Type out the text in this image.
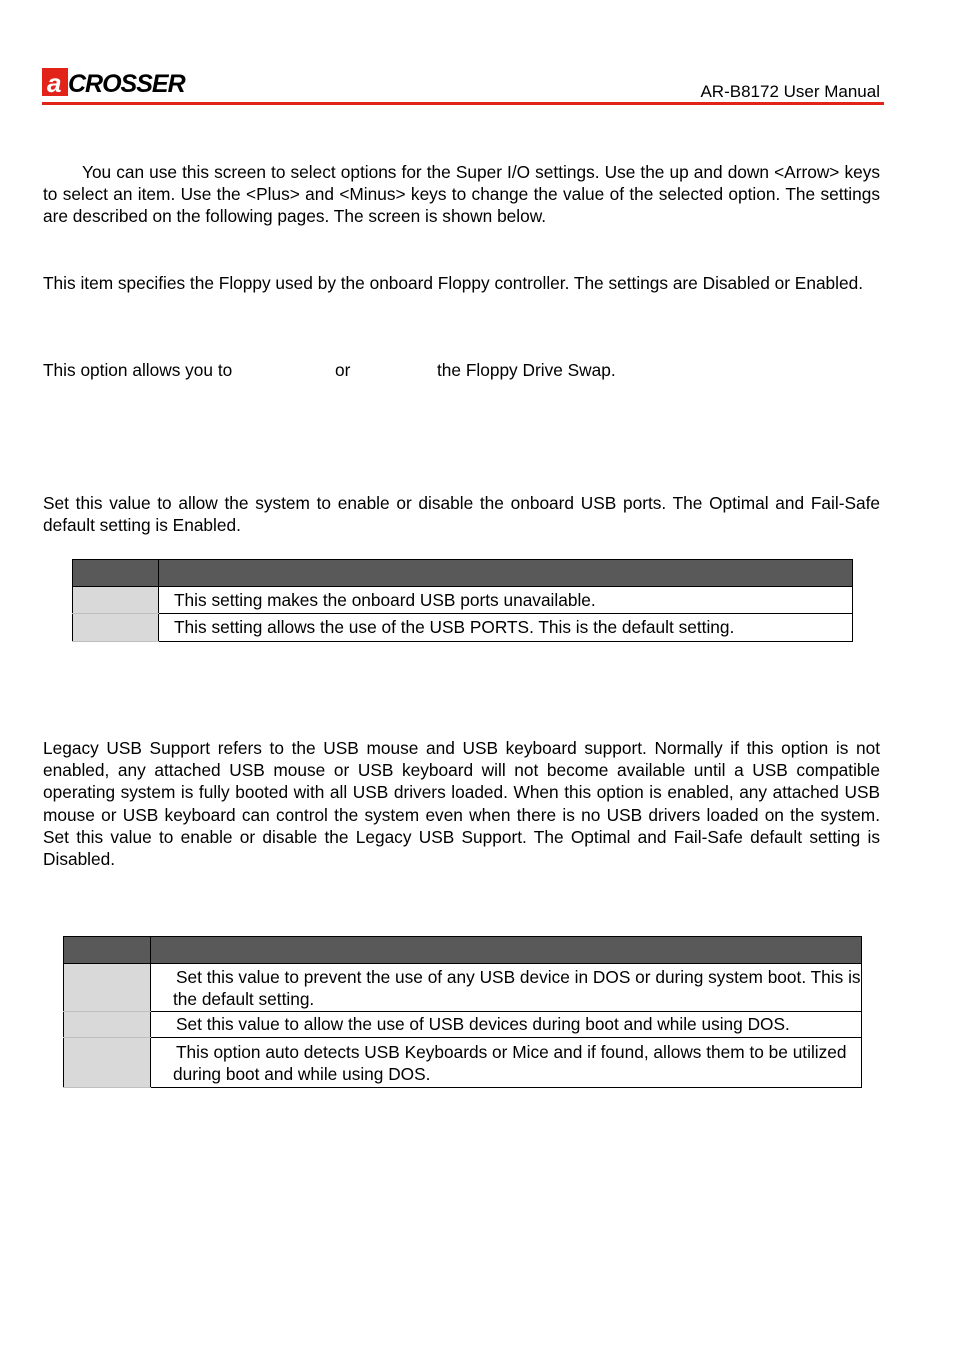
a CROSSER	AR-B8172 User Manual

You can use this screen to select options for the Super I/O settings. Use the up and down <Arrow> keys to select an item. Use the <Plus> and <Minus> keys to change the value of the selected option. The settings are described on the following pages. The screen is shown below.

This item specifies the Floppy used by the onboard Floppy controller. The settings are Disabled or Enabled.

This option allows you to	or	the Floppy Drive Swap.

Set this value to allow the system to enable or disable the onboard USB ports. The Optimal and Fail-Safe default setting is Enabled.

	This setting makes the onboard USB ports unavailable.
	This setting allows the use of the USB PORTS. This is the default setting.

Legacy USB Support refers to the USB mouse and USB keyboard support. Normally if this option is not enabled, any attached USB mouse or USB keyboard will not become available until a USB compatible operating system is fully booted with all USB drivers loaded. When this option is enabled, any attached USB mouse or USB keyboard can control the system even when there is no USB drivers loaded on the system. Set this value to enable or disable the Legacy USB Support. The Optimal and Fail-Safe default setting is Disabled.

	Set this value to prevent the use of any USB device in DOS or during system boot. This is the default setting.
	Set this value to allow the use of USB devices during boot and while using DOS.
	This option auto detects USB Keyboards or Mice and if found, allows them to be utilized during boot and while using DOS.
